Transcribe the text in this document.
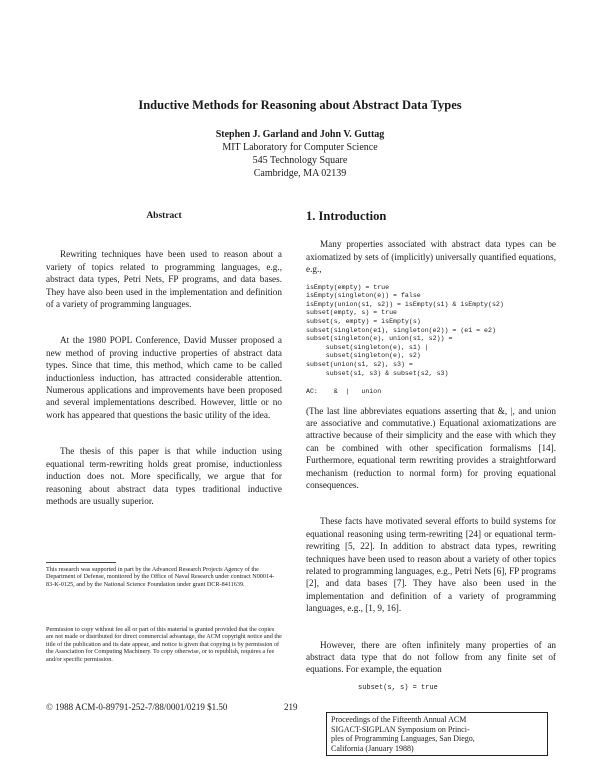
Inductive Methods for Reasoning about Abstract Data Types
Stephen J. Garland and John V. Guttag
MIT Laboratory for Computer Science
545 Technology Square
Cambridge, MA 02139
Abstract

Rewriting techniques have been used to reason about a variety of topics related to programming languages, e.g., abstract data types, Petri Nets, FP programs, and data bases. They have also been used in the implementation and definition of a variety of programming languages.

At the 1980 POPL Conference, David Musser proposed a new method of proving inductive properties of abstract data types. Since that time, this method, which came to be called inductionless induction, has attracted considerable attention. Numerous applications and improvements have been proposed and several implementations described. However, little or no work has appeared that questions the basic utility of the idea.

The thesis of this paper is that while induction using equational term-rewriting holds great promise, inductionless induction does not. More specifically, we argue that for reasoning about abstract data types traditional inductive methods are usually superior.

This research was supported in part by the Advanced Research Projects Agency of the Department of Defense, monitored by the Office of Naval Research under contract N00014-83-K-0125, and by the National Science Foundation under grant DCR-8411639.
Permission to copy without fee all or part of this material is granted provided that the copies are not made or distributed for direct commercial advantage, the ACM copyright notice and the title of the publication and its date appear, and notice is given that copying is by permission of the Association for Computing Machinery. To copy otherwise, or to republish, requires a fee and/or specific permission.
© 1988 ACM-0-89791-252-7/88/0001/0219 $1.50	219
1. Introduction

Many properties associated with abstract data types can be axiomatized by sets of (implicitly) universally quantified equations, e.g.,

isEmpty(empty) = true
isEmpty(singleton(e)) = false
isEmpty(union(s1, s2)) = isEmpty(s1) & isEmpty(s2)
subset(empty, s) = true
subset(s, empty) = isEmpty(s)
subset(singleton(e1), singleton(e2)) = (e1 = e2)
subset(singleton(e), union(s1, s2)) =
subset(singleton(e), s1) |
subset(singleton(e), s2)
subset(union(s1, s2), s3) =
subset(s1, s3) & subset(s2, s3)
AC:    &  |   union

(The last line abbreviates equations asserting that &, |, and union are associative and commutative.) Equational axiomatizations are attractive because of their simplicity and the ease with which they can be combined with other specification formalisms [14]. Furthermore, equational term rewriting provides a straightforward mechanism (reduction to normal form) for proving equational consequences.

These facts have motivated several efforts to build systems for equational reasoning using term-rewriting [24] or equational term-rewriting [5, 22]. In addition to abstract data types, rewriting techniques have been used to reason about a variety of other topics related to programming languages, e.g., Petri Nets [6], FP programs [2], and data bases [7]. They have also been used in the implementation and definition of a variety of programming languages, e.g., [1, 9, 16].

However, there are often infinitely many properties of an abstract data type that do not follow from any finite set of equations. For example, the equation

subset(s, s) = true
Proceedings of the Fifteenth Annual ACM
SIGACT-SIGPLAN Symposium on Princi-
ples of Programming Languages, San Diego,
California (January 1988)
